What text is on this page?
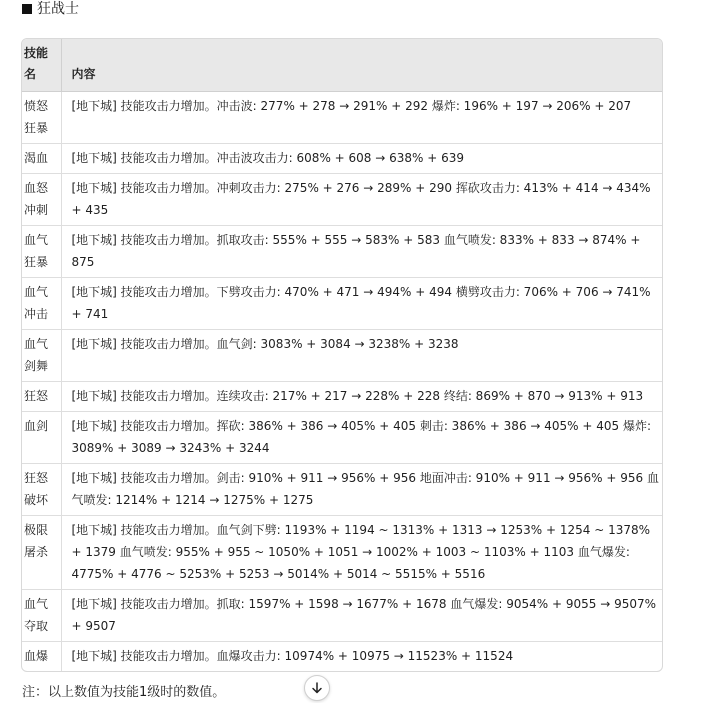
狂战士
技能名	内容
愤怒狂暴	[地下城] 技能攻击力增加。冲击波: 277% + 278 → 291% + 292 爆炸: 196% + 197 → 206% + 207
渴血	[地下城] 技能攻击力增加。冲击波攻击力: 608% + 608 → 638% + 639
血怒冲刺	[地下城] 技能攻击力增加。冲刺攻击力: 275% + 276 → 289% + 290 挥砍攻击力: 413% + 414 → 434% + 435
血气狂暴	[地下城] 技能攻击力增加。抓取攻击: 555% + 555 → 583% + 583 血气喷发: 833% + 833 → 874% + 875
血气冲击	[地下城] 技能攻击力增加。下劈攻击力: 470% + 471 → 494% + 494 横劈攻击力: 706% + 706 → 741% + 741
血气剑舞	[地下城] 技能攻击力增加。血气剑: 3083% + 3084 → 3238% + 3238
狂怒	[地下城] 技能攻击力增加。连续攻击: 217% + 217 → 228% + 228 终结: 869% + 870 → 913% + 913
血剑	[地下城] 技能攻击力增加。挥砍: 386% + 386 → 405% + 405 刺击: 386% + 386 → 405% + 405 爆炸: 3089% + 3089 → 3243% + 3244
狂怒破坏	[地下城] 技能攻击力增加。剑击: 910% + 911 → 956% + 956 地面冲击: 910% + 911 → 956% + 956 血气喷发: 1214% + 1214 → 1275% + 1275
极限屠杀	[地下城] 技能攻击力增加。血气剑下劈: 1193% + 1194 ~ 1313% + 1313 → 1253% + 1254 ~ 1378% + 1379 血气喷发: 955% + 955 ~ 1050% + 1051 → 1002% + 1003 ~ 1103% + 1103 血气爆发: 4775% + 4776 ~ 5253% + 5253 → 5014% + 5014 ~ 5515% + 5516
血气夺取	[地下城] 技能攻击力增加。抓取: 1597% + 1598 → 1677% + 1678 血气爆发: 9054% + 9055 → 9507% + 9507
血爆	[地下城] 技能攻击力增加。血爆攻击力: 10974% + 10975 → 11523% + 11524
注：以上数值为技能1级时的数值。
